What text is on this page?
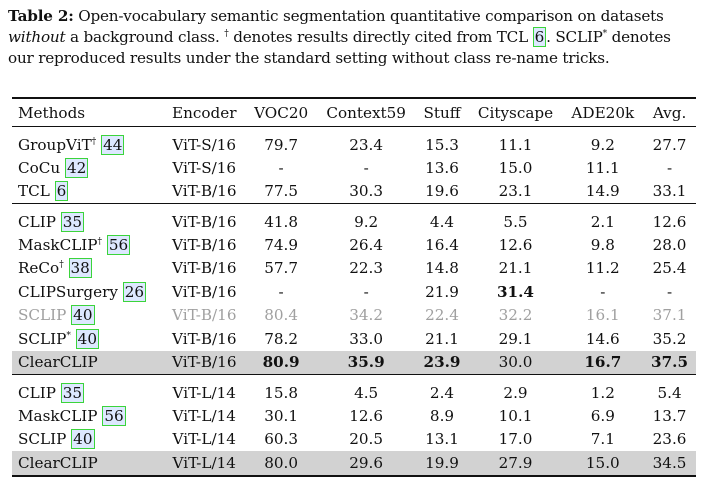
Table 2: Open-vocabulary semantic segmentation quantitative comparison on datasets without a background class. † denotes results directly cited from TCL 6 . SCLIP* denotes our reproduced results under the standard setting without class re-name tricks.
Methods	Encoder	VOC20	Context59	Stuff	Cityscape	ADE20k	Avg.
GroupViT† 44	ViT-S/16	79.7	23.4	15.3	11.1	9.2	27.7
CoCu 42	ViT-S/16	-	-	13.6	15.0	11.1	-
TCL 6	ViT-B/16	77.5	30.3	19.6	23.1	14.9	33.1
CLIP 35	ViT-B/16	41.8	9.2	4.4	5.5	2.1	12.6
MaskCLIP† 56	ViT-B/16	74.9	26.4	16.4	12.6	9.8	28.0
ReCo† 38	ViT-B/16	57.7	22.3	14.8	21.1	11.2	25.4
CLIPSurgery 26	ViT-B/16	-	-	21.9	31.4	-	-
SCLIP 40	ViT-B/16	80.4	34.2	22.4	32.2	16.1	37.1
SCLIP* 40	ViT-B/16	78.2	33.0	21.1	29.1	14.6	35.2
ClearCLIP	ViT-B/16	80.9	35.9	23.9	30.0	16.7	37.5
CLIP 35	ViT-L/14	15.8	4.5	2.4	2.9	1.2	5.4
MaskCLIP 56	ViT-L/14	30.1	12.6	8.9	10.1	6.9	13.7
SCLIP 40	ViT-L/14	60.3	20.5	13.1	17.0	7.1	23.6
ClearCLIP	ViT-L/14	80.0	29.6	19.9	27.9	15.0	34.5
